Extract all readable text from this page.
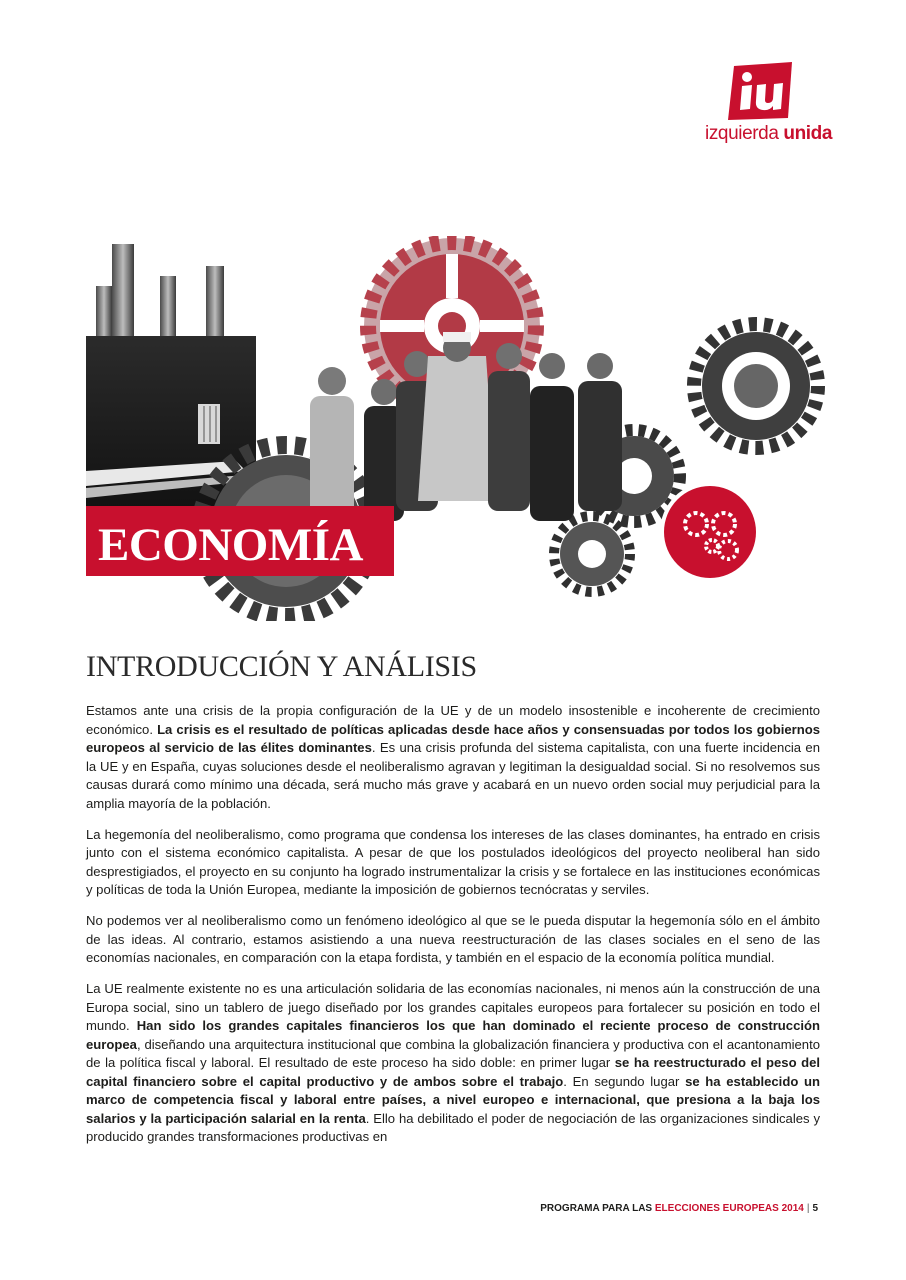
izquierda unida
ECONOMÍA
INTRODUCCIÓN Y ANÁLISIS

Estamos ante una crisis de la propia configuración de la UE y de un modelo insostenible e incoherente de crecimiento económico. La crisis es el resultado de políticas aplicadas desde hace años y consensuadas por todos los gobiernos europeos al servicio de las élites dominantes. Es una crisis profunda del sistema capitalista, con una fuerte incidencia en la UE y en España, cuyas soluciones desde el neoliberalismo agravan y legitiman la desigualdad social. Si no resolvemos sus causas durará como mínimo una década, será mucho más grave y acabará en un nuevo orden social muy perjudicial para la amplia mayoría de la población.

La hegemonía del neoliberalismo, como programa que condensa los intereses de las clases dominantes, ha entrado en crisis junto con el sistema económico capitalista. A pesar de que los postulados ideológicos del proyecto neoliberal han sido desprestigiados, el proyecto en su conjunto ha logrado instrumentalizar la crisis y se fortalece en las instituciones económicas y políticas de toda la Unión Europea, mediante la imposición de gobiernos tecnócratas y serviles.

No podemos ver al neoliberalismo como un fenómeno ideológico al que se le pueda disputar la hegemonía sólo en el ámbito de las ideas. Al contrario, estamos asistiendo a una nueva reestructuración de las clases sociales en el seno de las economías nacionales, en comparación con la etapa fordista, y también en el espacio de la economía política mundial.

La UE realmente existente no es una articulación solidaria de las economías nacionales, ni menos aún la construcción de una Europa social, sino un tablero de juego diseñado por los grandes capitales europeos para fortalecer su posición en todo el mundo. Han sido los grandes capitales financieros los que han dominado el reciente proceso de construcción europea, diseñando una arquitectura institucional que combina la globalización financiera y productiva con el acantonamiento de la política fiscal y laboral. El resultado de este proceso ha sido doble: en primer lugar se ha reestructurado el peso del capital financiero sobre el capital productivo y de ambos sobre el trabajo. En segundo lugar se ha establecido un marco de competencia fiscal y laboral entre países, a nivel europeo e internacional, que presiona a la baja los salarios y la participación salarial en la renta. Ello ha debilitado el poder de negociación de las organizaciones sindicales y producido grandes transformaciones productivas en

PROGRAMA PARA LAS ELECCIONES EUROPEAS 2014 | 5
